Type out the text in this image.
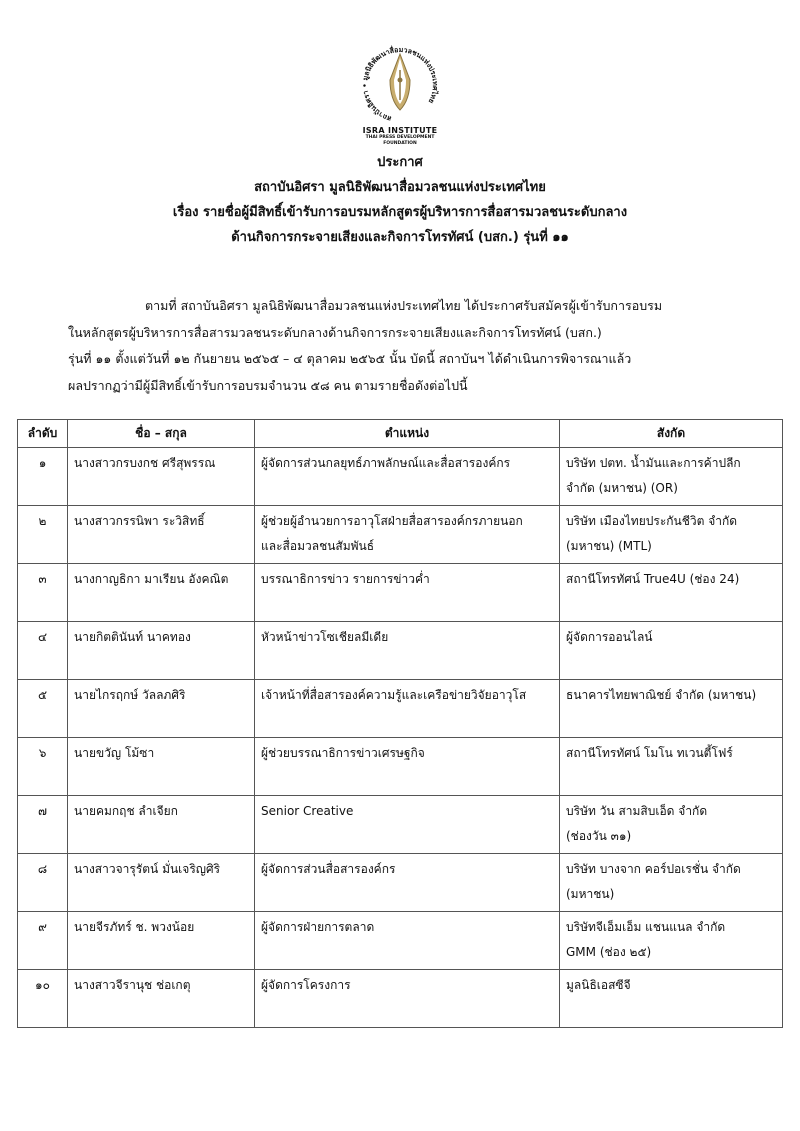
สถาบันอิศรา • มูลนิธิพัฒนาสื่อมวลชนแห่งประเทศไทย
ISRA INSTITUTE
THAI PRESS DEVELOPMENT
FOUNDATION
ประกาศ
สถาบันอิศรา มูลนิธิพัฒนาสื่อมวลชนแห่งประเทศไทย
เรื่อง รายชื่อผู้มีสิทธิ์เข้ารับการอบรมหลักสูตรผู้บริหารการสื่อสารมวลชนระดับกลาง
ด้านกิจการกระจายเสียงและกิจการโทรทัศน์ (บสก.) รุ่นที่ ๑๑
ตามที่ สถาบันอิศรา มูลนิธิพัฒนาสื่อมวลชนแห่งประเทศไทย ได้ประกาศรับสมัครผู้เข้ารับการอบรม
ในหลักสูตรผู้บริหารการสื่อสารมวลชนระดับกลางด้านกิจการกระจายเสียงและกิจการโทรทัศน์ (บสก.)
รุ่นที่ ๑๑ ตั้งแต่วันที่ ๑๒ กันยายน ๒๕๖๕ – ๔ ตุลาคม ๒๕๖๕ นั้น บัดนี้ สถาบันฯ ได้ดำเนินการพิจารณาแล้ว
ผลปรากฏว่ามีผู้มีสิทธิ์เข้ารับการอบรมจำนวน ๕๘ คน ตามรายชื่อดังต่อไปนี้
ลำดับ	ชื่อ – สกุล	ตำแหน่ง	สังกัด
๑	นางสาวกรบงกช ศรีสุพรรณ	ผู้จัดการส่วนกลยุทธ์ภาพลักษณ์และสื่อสารองค์กร	บริษัท ปตท. น้ำมันและการค้าปลีก
จำกัด (มหาชน) (OR)

๒	นางสาวกรรนิพา ระวิสิทธิ์	ผู้ช่วยผู้อำนวยการอาวุโสฝ่ายสื่อสารองค์กรภายนอก
และสื่อมวลชนสัมพันธ์	บริษัท เมืองไทยประกันชีวิต จำกัด
(มหาชน) (MTL)

๓	นางกาญธิกา มาเรียน อังคณิต	บรรณาธิการข่าว รายการข่าวค่ำ	สถานีโทรทัศน์ True4U (ช่อง 24)

๔	นายกิตตินันท์ นาคทอง	หัวหน้าข่าวโซเชียลมีเดีย	ผู้จัดการออนไลน์

๕	นายไกรฤกษ์ วัลลภศิริ	เจ้าหน้าที่สื่อสารองค์ความรู้และเครือข่ายวิจัยอาวุโส	ธนาคารไทยพาณิชย์ จำกัด (มหาชน)

๖	นายขวัญ โม้ซา	ผู้ช่วยบรรณาธิการข่าวเศรษฐกิจ	สถานีโทรทัศน์ โมโน ทเวนตี้โฟร์

๗	นายคมกฤช ลำเจียก	Senior Creative	บริษัท วัน สามสิบเอ็ด จำกัด
(ช่องวัน ๓๑)

๘	นางสาวจารุรัตน์ มั่นเจริญศิริ	ผู้จัดการส่วนสื่อสารองค์กร	บริษัท บางจาก คอร์ปอเรชั่น จำกัด
(มหาชน)

๙	นายจีรภัทร์ ช. พวงน้อย	ผู้จัดการฝ่ายการตลาด	บริษัทจีเอ็มเอ็ม แชนแนล จำกัด
GMM (ช่อง ๒๕)

๑๐	นางสาวจีรานุช ช่อเกตุ	ผู้จัดการโครงการ	มูลนิธิเอสซีจี
